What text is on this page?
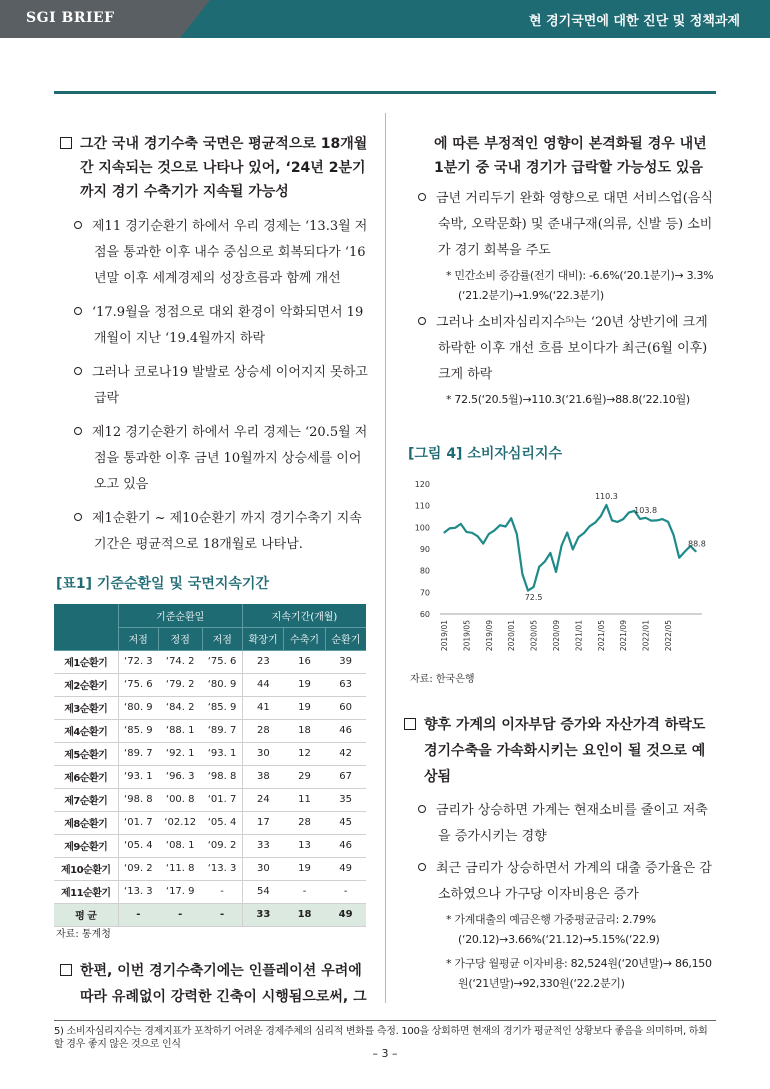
SGI BRIEF	현 경기국면에 대한 진단 및 정책과제

그간 국내 경기수축 국면은 평균적으로 18개월간 지속되는 것으로 나타나 있어, ‘24년 2분기까지 경기 수축기가 지속될 가능성

제11 경기순환기 하에서 우리 경제는 ‘13.3월 저점을 통과한 이후 내수 중심으로 회복되다가 ‘16년말 이후 세계경제의 성장흐름과 함께 개선

‘17.9월을 정점으로 대외 환경이 악화되면서 19개월이 지난 ‘19.4월까지 하락

그러나 코로나19 발발로 상승세 이어지지 못하고 급락

제12 경기순환기 하에서 우리 경제는 ‘20.5월 저점을 통과한 이후 금년 10월까지 상승세를 이어오고 있음

제1순환기 ~ 제10순환기 까지 경기수축기 지속기간은 평균적으로 18개월로 나타남.

[표1] 기준순환일 및 국면지속기간
	기준순환일			지속기간(개월)		
	저점	정점	저점	확장기	수축기	순환기
제1순환기	‘72. 3	‘74. 2	‘75. 6	23	16	39
제2순환기	‘75. 6	‘79. 2	‘80. 9	44	19	63
제3순환기	‘80. 9	‘84. 2	‘85. 9	41	19	60
제4순환기	‘85. 9	‘88. 1	‘89. 7	28	18	46
제5순환기	‘89. 7	‘92. 1	‘93. 1	30	12	42
제6순환기	‘93. 1	‘96. 3	‘98. 8	38	29	67
제7순환기	‘98. 8	‘00. 8	‘01. 7	24	11	35
제8순환기	‘01. 7	‘02.12	‘05. 4	17	28	45
제9순환기	‘05. 4	‘08. 1	‘09. 2	33	13	46
제10순환기	‘09. 2	‘11. 8	‘13. 3	30	19	49
제11순환기	‘13. 3	‘17. 9	-	54	-	-
평 균	-	-	-	33	18	49
자료: 통계청

한편, 이번 경기수축기에는 인플레이션 우려에 따라 유례없이 강력한 긴축이 시행됨으로써, 그

에 따른 부정적인 영향이 본격화될 경우 내년 1분기 중 국내 경기가 급락할 가능성도 있음

금년 거리두기 완화 영향으로 대면 서비스업(음식숙박, 오락문화) 및 준내구재(의류, 신발 등) 소비가 경기 회복을 주도

* 민간소비 증감률(전기 대비): -6.6%(‘20.1분기)→ 3.3%(‘21.2분기)→1.9%(‘22.3분기)

그러나 소비자심리지수⁵⁾는 ‘20년 상반기에 크게 하락한 이후 개선 흐름 보이다가 최근(6월 이후) 크게 하락

* 72.5(‘20.5월)→110.3(‘21.6월)→88.8(‘22.10월)

[그림 4] 소비자심리지수
60
70
80
90
100
110
120
2019/01 2019/05 2019/09 2020/01 2020/05 2020/09 2021/01 2021/05 2021/09 2022/01 2022/05
72.5
110.3
103.8
88.8
자료: 한국은행

향후 가계의 이자부담 증가와 자산가격 하락도 경기수축을 가속화시키는 요인이 될 것으로 예상됨

금리가 상승하면 가계는 현재소비를 줄이고 저축을 증가시키는 경향

최근 금리가 상승하면서 가계의 대출 증가율은 감소하였으나 가구당 이자비용은 증가

* 가계대출의 예금은행 가중평균금리: 2.79%(‘20.12)→3.66%(‘21.12)→5.15%(‘22.9)

* 가구당 월평균 이자비용: 82,524원(‘20년말)→ 86,150원(‘21년말)→92,330원(‘22.2분기)

5) 소비자심리지수는 경제지표가 포착하기 어려운 경제주체의 심리적 변화를 측정. 100을 상회하면 현재의 경기가 평균적인 상황보다 좋음을 의미하며, 하회할 경우 좋지 않은 것으로 인식
– 3 –
